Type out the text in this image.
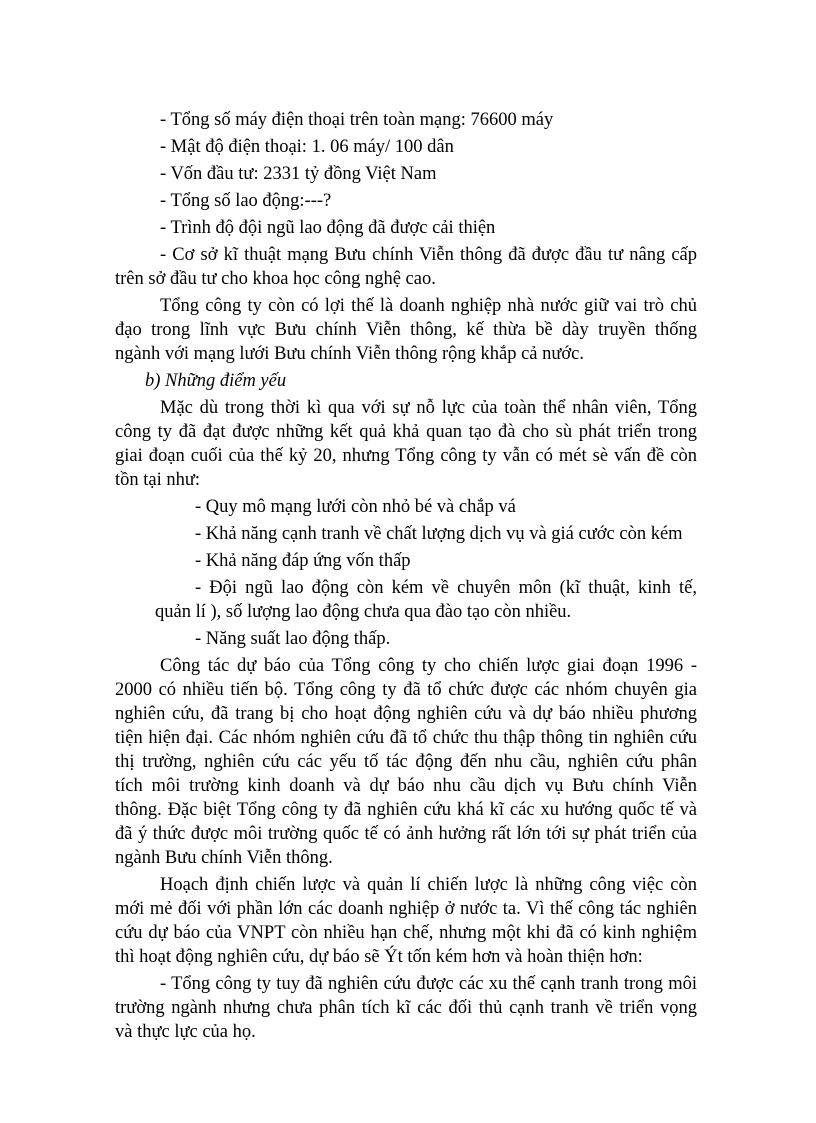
- Tổng số máy điện thoại trên toàn mạng: 76600 máy
- Mật độ điện thoại: 1. 06 máy/ 100 dân
- Vốn đầu tư: 2331 tỷ đồng Việt Nam
- Tổng số lao động:---?
- Trình độ đội ngũ lao động đã được cải thiện
- Cơ sở kĩ thuật mạng Bưu chính Viễn thông đã được đầu tư nâng cấp
trên sở đầu tư cho khoa học công nghệ cao.
Tổng công ty còn có lợi thế là doanh nghiệp nhà nước giữ vai trò chủ
đạo trong lĩnh vực Bưu chính Viễn thông, kế thừa bề dày truyền thống
ngành với mạng lưới Bưu chính Viễn thông rộng khắp cả nước.
b) Những điểm yếu
Mặc dù trong thời kì qua với sự nỗ lực của toàn thể nhân viên, Tổng
công ty đã đạt được những kết quả khả quan tạo đà cho sù phát triển trong
giai đoạn cuối của thế kỷ 20, nhưng Tổng công ty vẫn có mét sè vấn đề còn
tồn tại như:
- Quy mô mạng lưới còn nhỏ bé và chắp vá
- Khả năng cạnh tranh về chất lượng dịch vụ và giá cước còn kém
- Khả năng đáp ứng vốn thấp
- Đội ngũ lao động còn kém về chuyên môn (kĩ thuật, kinh tế,
quản lí ), số lượng lao động chưa qua đào tạo còn nhiều.
- Năng suất lao động thấp.
Công tác dự báo của Tổng công ty cho chiến lược giai đoạn 1996 -
2000 có nhiều tiến bộ. Tổng công ty đã tổ chức được các nhóm chuyên gia
nghiên cứu, đã trang bị cho hoạt động nghiên cứu và dự báo nhiều phương
tiện hiện đại. Các nhóm nghiên cứu đã tổ chức thu thập thông tin nghiên cứu
thị trường, nghiên cứu các yếu tố tác động đến nhu cầu, nghiên cứu phân
tích môi trường kinh doanh và dự báo nhu cầu dịch vụ Bưu chính Viễn
thông. Đặc biệt Tổng công ty đã nghiên cứu khá kĩ các xu hướng quốc tế và
đã ý thức được môi trường quốc tế có ảnh hưởng rất lớn tới sự phát triển của
ngành Bưu chính Viễn thông.
Hoạch định chiến lược và quản lí chiến lược là những công việc còn
mới mẻ đối với phần lớn các doanh nghiệp ở nước ta. Vì thế công tác nghiên
cứu dự báo của VNPT còn nhiều hạn chế, nhưng một khi đã có kinh nghiệm
thì hoạt động nghiên cứu, dự báo sẽ Ýt tốn kém hơn và hoàn thiện hơn:
- Tổng công ty tuy đã nghiên cứu được các xu thế cạnh tranh trong môi
trường ngành nhưng chưa phân tích kĩ các đối thủ cạnh tranh về triển vọng
và thực lực của họ.
